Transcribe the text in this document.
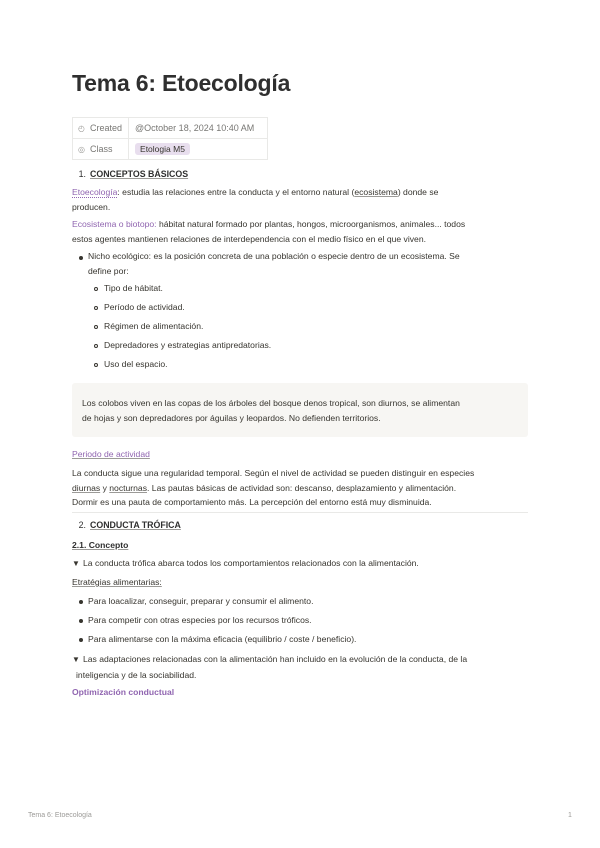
Tema 6: Etoecología
◴ Created	@October 18, 2024 10:40 AM
◎ Class	Etologia M5
1. CONCEPTOS BÁSICOS
Etoecología: estudia las relaciones entre la conducta y el entorno natural (ecosistema) donde se
producen.
Ecosistema o biotopo: hábitat natural formado por plantas, hongos, microorganismos, animales... todos
estos agentes mantienen relaciones de interdependencia con el medio físico en el que viven.
Nicho ecológico: es la posición concreta de una población o especie dentro de un ecosistema. Se
define por:
Tipo de hábitat.
Período de actividad.
Régimen de alimentación.
Depredadores y estrategias antipredatorias.
Uso del espacio.
Los colobos viven en las copas de los árboles del bosque denos tropical, son diurnos, se alimentan
de hojas y son depredadores por águilas y leopardos. No defienden territorios.
Periodo de actividad
La conducta sigue una regularidad temporal. Según el nivel de actividad se pueden distinguir en especies
diurnas y nocturnas. Las pautas básicas de actividad son: descanso, desplazamiento y alimentación.
Dormir es una pauta de comportamiento más. La percepción del entorno está muy disminuida.
2. CONDUCTA TRÓFICA
2.1. Concepto
▼ La conducta trófica abarca todos los comportamientos relacionados con la alimentación.
Etratégias alimentarias:
Para loacalizar, conseguir, preparar y consumir el alimento.
Para competir con otras especies por los recursos tróficos.
Para alimentarse con la máxima eficacia (equilibrio / coste / beneficio).
▼ Las adaptaciones relacionadas con la alimentación han incluido en la evolución de la conducta, de la
inteligencia y de la sociabilidad.
Optimización conductual
Tema 6: Etoecología	1
